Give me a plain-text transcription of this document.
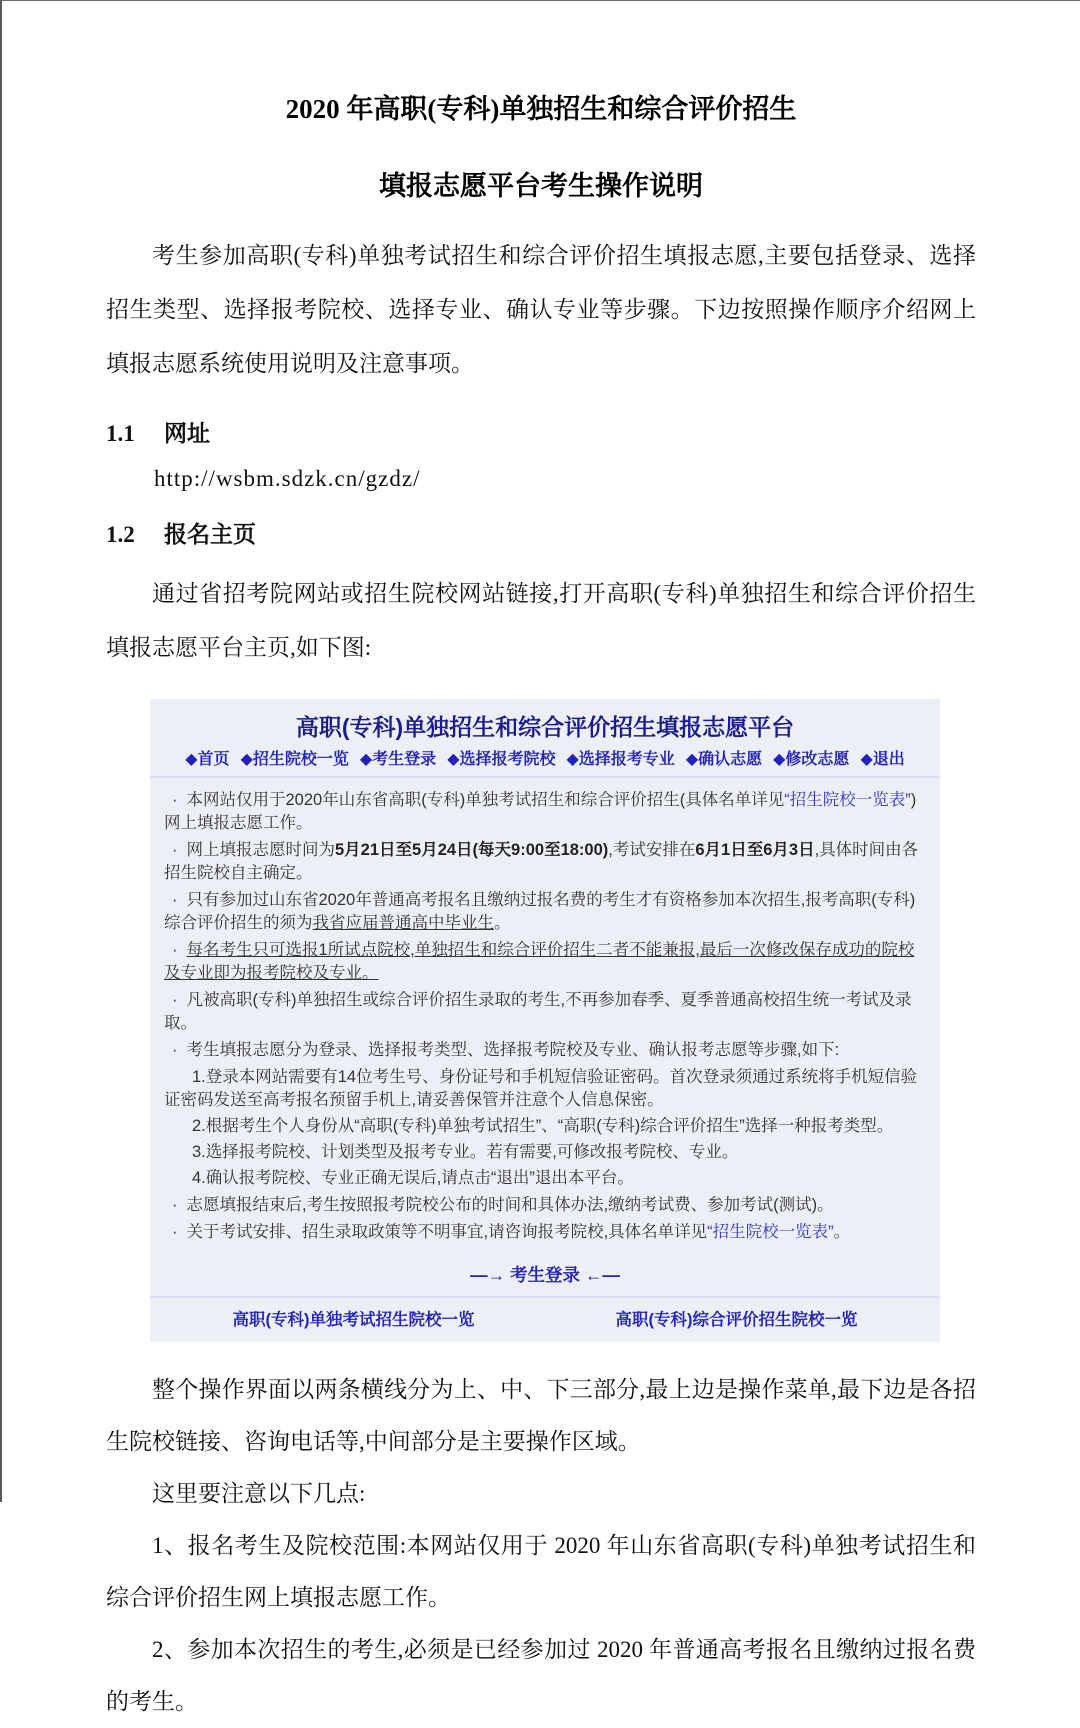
2020 年高职(专科)单独招生和综合评价招生
填报志愿平台考生操作说明

考生参加高职(专科)单独考试招生和综合评价招生填报志愿,主要包括登录、选择招生类型、选择报考院校、选择专业、确认专业等步骤。下边按照操作顺序介绍网上填报志愿系统使用说明及注意事项。

1.1 网址

http://wsbm.sdzk.cn/gzdz/

1.2 报名主页

通过省招考院网站或招生院校网站链接,打开高职(专科)单独招生和综合评价招生填报志愿平台主页,如下图:

高职(专科)单独招生和综合评价招生填报志愿平台
◆首页 ◆招生院校一览 ◆考生登录 ◆选择报考院校 ◆选择报考专业 ◆确认志愿 ◆修改志愿 ◆退出

· 本网站仅用于2020年山东省高职(专科)单独考试招生和综合评价招生(具体名单详见“招生院校一览表”)网上填报志愿工作。

· 网上填报志愿时间为5月21日至5月24日(每天9:00至18:00),考试安排在6月1日至6月3日,具体时间由各招生院校自主确定。

· 只有参加过山东省2020年普通高考报名且缴纳过报名费的考生才有资格参加本次招生,报考高职(专科)综合评价招生的须为我省应届普通高中毕业生。

· 每名考生只可选报1所试点院校,单独招生和综合评价招生二者不能兼报,最后一次修改保存成功的院校及专业即为报考院校及专业。

· 凡被高职(专科)单独招生或综合评价招生录取的考生,不再参加春季、夏季普通高校招生统一考试及录取。

· 考生填报志愿分为登录、选择报考类型、选择报考院校及专业、确认报考志愿等步骤,如下:

1.登录本网站需要有14位考生号、身份证号和手机短信验证密码。首次登录须通过系统将手机短信验证密码发送至高考报名预留手机上,请妥善保管并注意个人信息保密。

2.根据考生个人身份从“高职(专科)单独考试招生”、“高职(专科)综合评价招生”选择一种报考类型。

3.选择报考院校、计划类型及报考专业。若有需要,可修改报考院校、专业。

4.确认报考院校、专业正确无误后,请点击“退出”退出本平台。

· 志愿填报结束后,考生按照报考院校公布的时间和具体办法,缴纳考试费、参加考试(测试)。

· 关于考试安排、招生录取政策等不明事宜,请咨询报考院校,具体名单详见“招生院校一览表”。

—→ 考生登录 ←—
高职(专科)单独考试招生院校一览	高职(专科)综合评价招生院校一览

整个操作界面以两条横线分为上、中、下三部分,最上边是操作菜单,最下边是各招生院校链接、咨询电话等,中间部分是主要操作区域。

这里要注意以下几点:

1、报名考生及院校范围:本网站仅用于 2020 年山东省高职(专科)单独考试招生和综合评价招生网上填报志愿工作。

2、参加本次招生的考生,必须是已经参加过 2020 年普通高考报名且缴纳过报名费的考生。
